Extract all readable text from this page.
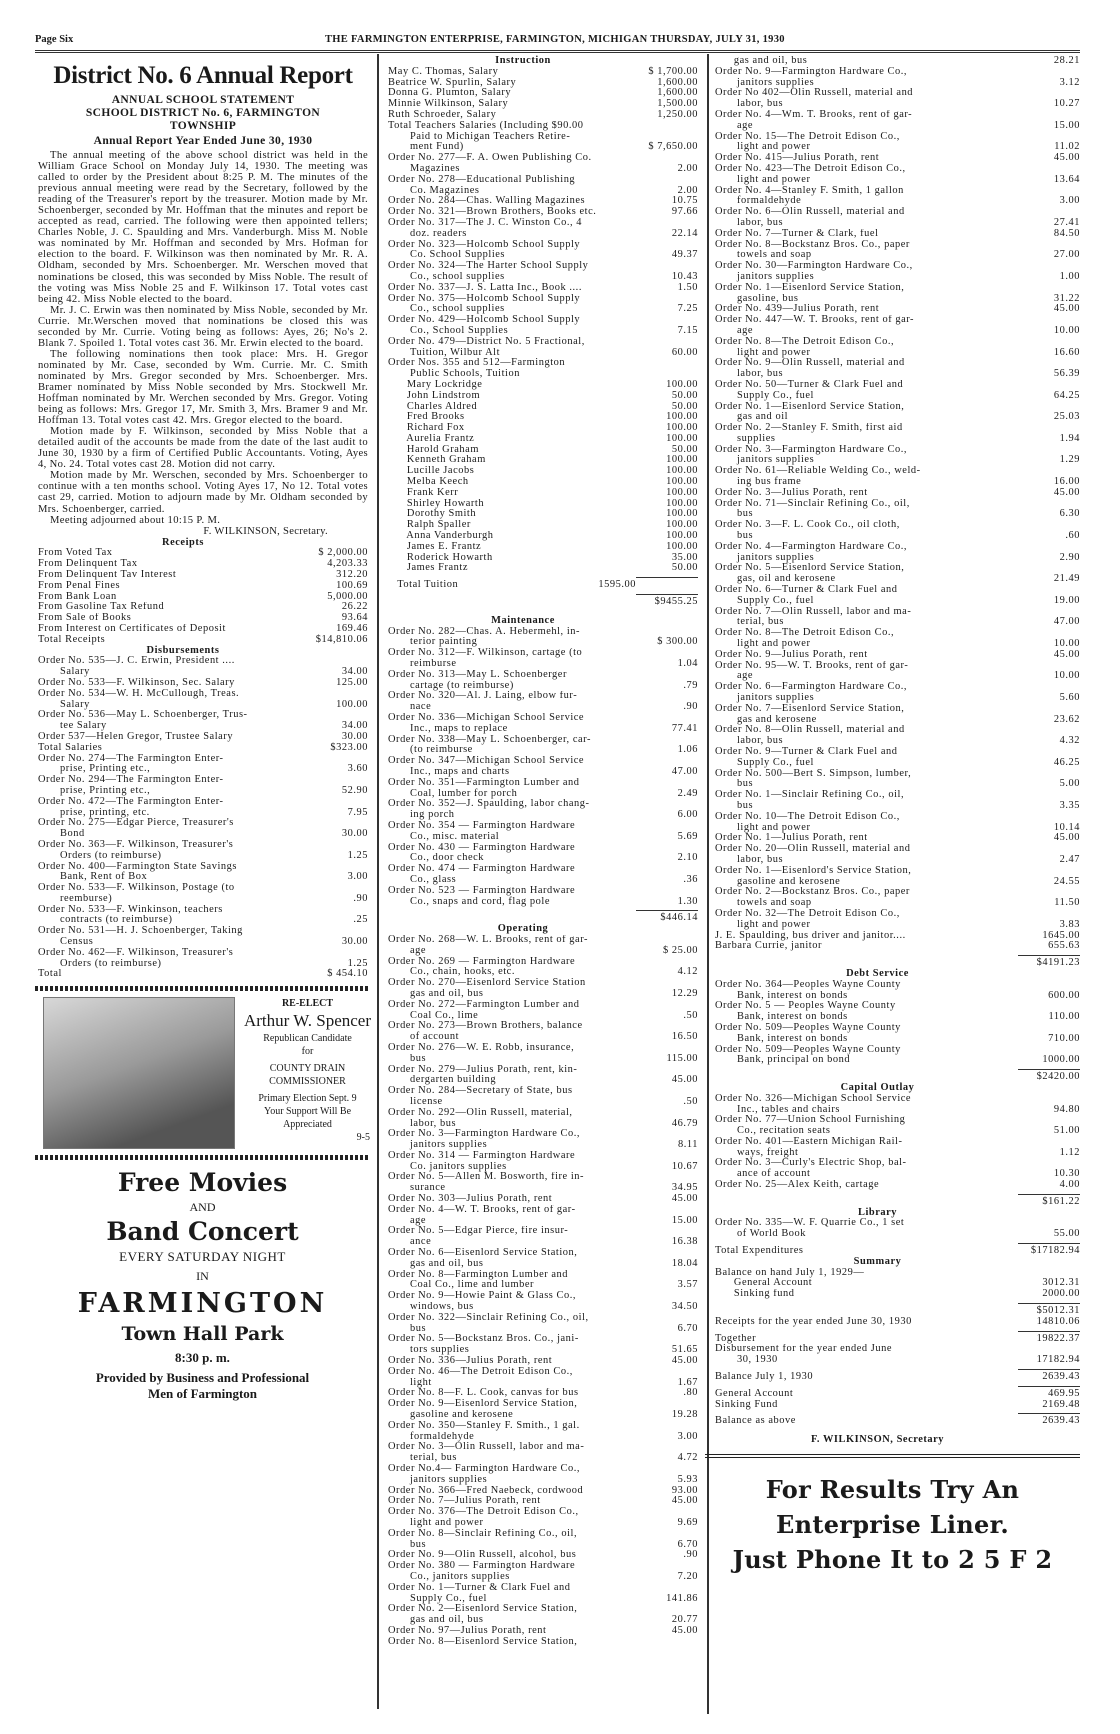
Page Six	THE FARMINGTON ENTERPRISE, FARMINGTON, MICHIGAN THURSDAY, JULY 31, 1930
District No. 6 Annual Report
ANNUAL SCHOOL STATEMENT
SCHOOL DISTRICT No. 6, FARMINGTON
TOWNSHIP
Annual Report Year Ended June 30, 1930
The annual meeting of the above school district was held in the William Grace School on Monday July 14, 1930. The meeting was called to order by the President about 8:25 P. M. The minutes of the previous annual meeting were read by the Secretary, followed by the reading of the Treasurer's report by the treasurer. Motion made by Mr. Schoenberger, seconded by Mr. Hoffman that the minutes and report be accepted as read, carried. The following were then appointed tellers; Charles Noble, J. C. Spaulding and Mrs. Vanderburgh. Miss M. Noble was nominated by Mr. Hoffman and seconded by Mrs. Hofman for election to the board. F. Wilkinson was then nominated by Mr. R. A. Oldham, seconded by Mrs. Schoenberger. Mr. Werschen moved that nominations be closed, this was seconded by Miss Noble. The result of the voting was Miss Noble 25 and F. Wilkinson 17. Total votes cast being 42. Miss Noble elected to the board.
Mr. J. C. Erwin was then nominated by Miss Noble, seconded by Mr. Currie. Mr.Werschen moved that nominations be closed this was seconded by Mr. Currie. Voting being as follows: Ayes, 26; No's 2. Blank 7. Spoiled 1. Total votes cast 36. Mr. Erwin elected to the board.
The following nominations then took place: Mrs. H. Gregor nominated by Mr. Case, seconded by Wm. Currie. Mr. C. Smith nominated by Mrs. Gregor seconded by Mrs. Schoenberger. Mrs. Bramer nominated by Miss Noble seconded by Mrs. Stockwell Mr. Hoffman nominated by Mr. Werchen seconded by Mrs. Gregor. Voting being as follows: Mrs. Gregor 17, Mr. Smith 3, Mrs. Bramer 9 and Mr. Hoffman 13. Total votes cast 42. Mrs. Gregor elected to the board.
Motion made by F. Wilkinson, seconded by Miss Noble that a detailed audit of the accounts be made from the date of the last audit to June 30, 1930 by a firm of Certified Public Accountants. Voting, Ayes 4, No. 24. Total votes cast 28. Motion did not carry.
Motion made by Mr. Werschen, seconded by Mrs. Schoenberger to continue with a ten months school. Voting Ayes 17, No 12. Total votes cast 29, carried. Motion to adjourn made by Mr. Oldham seconded by Mrs. Schoenberger, carried.
Meeting adjourned about 10:15 P. M.
F. WILKINSON, Secretary.
Receipts
From Voted Tax	$ 2,000.00
From Delinquent Tax	4,203.33
From Delinquent Tav Interest	312.20
From Penal Fines	100.69
From Bank Loan	5,000.00
From Gasoline Tax Refund	26.22
From Sale of Books	93.64
From Interest on Certificates of Deposit	169.46
Total Receipts	$14,810.06
Disbursements
Order No. 535—J. C. Erwin, President ....
Salary	34.00
Order No. 533—F. Wilkinson, Sec. Salary	125.00
Order No. 534—W. H. McCullough, Treas.
Salary	100.00
Order No. 536—May L. Schoenberger, Trus-
tee Salary	34.00
Order 537—Helen Gregor, Trustee Salary	30.00
Total Salaries	$323.00
Order No. 274—The Farmington Enter-
prise, Printing etc.,	3.60
Order No. 294—The Farmington Enter-
prise, Printing etc.,	52.90
Order No. 472—The Farmington Enter-
prise, printing, etc.	7.95
Order No. 275—Edgar Pierce, Treasurer's
Bond	30.00
Order No. 363—F. Wilkinson, Treasurer's
Orders (to reimburse)	1.25
Order No. 400—Farmington State Savings
Bank, Rent of Box	3.00
Order No. 533—F. Wilkinson, Postage (to
reemburse)	.90
Order No. 533—F. Winkinson, teachers
contracts (to reimburse)	.25
Order No. 531—H. J. Schoenberger, Taking
Census	30.00
Order No. 462—F. Wilkinson, Treasurer's
Orders (to reimburse)	1.25
Total	$ 454.10
RE-ELECT
Arthur W. Spencer
Republican Candidate
for
COUNTY DRAIN
COMMISSIONER
Primary Election Sept. 9
Your Support Will Be
Appreciated
9-5
Free Movies
AND
Band Concert
EVERY SATURDAY NIGHT
IN
FARMINGTON
Town Hall Park
8:30 p. m.
Provided by Business and Professional
Men of Farmington
Instruction
May C. Thomas, Salary	$ 1,700.00
Beatrice W. Spurlin, Salary	1,600.00
Donna G. Plumton, Salary	1,600.00
Minnie Wilkinson, Salary	1,500.00
Ruth Schroeder, Salary	1,250.00
Total Teachers Salaries (Including $90.00
Paid to Michigan Teachers Retire-
ment Fund)	$ 7,650.00
Order No. 277—F. A. Owen Publishing Co.
Magazines	2.00
Order No. 278—Educational Publishing
Co. Magazines	2.00
Order No. 284—Chas. Walling Magazines	10.75
Order No. 321—Brown Brothers, Books etc.	97.66
Order No. 317—The J. C. Winston Co., 4
doz. readers	22.14
Order No. 323—Holcomb School Supply
Co. School Supplies	49.37
Order No. 324—The Harter School Supply
Co., school supplies	10.43
Order No. 337—J. S. Latta Inc., Book ....	1.50
Order No. 375—Holcomb School Supply
Co., school supplies	7.25
Order No. 429—Holcomb School Supply
Co., School Supplies	7.15
Order No. 479—District No. 5 Fractional,
Tuition, Wilbur Alt	60.00
Order Nos. 355 and 512—Farmington
Public Schools, Tuition
Mary Lockridge	100.00
John Lindstrom	50.00
Charles Aldred	50.00
Fred Brooks	100.00
Richard Fox	100.00
Aurelia Frantz	100.00
Harold Graham	50.00
Kenneth Graham	100.00
Lucille Jacobs	100.00
Melba Keech	100.00
Frank Kerr	100.00
Shirley Howarth	100.00
Dorothy Smith	100.00
Ralph Spaller	100.00
Anna Vanderburgh	100.00
James E. Frantz	100.00
Roderick Howarth	35.00
James Frantz	50.00
Total Tuition	1595.00
$9455.25
Maintenance
Order No. 282—Chas. A. Hebermehl, in-
terior painting	$ 300.00
Order No. 312—F. Wilkinson, cartage (to
reimburse	1.04
Order No. 313—May L. Schoenberger
cartage (to reimburse)	.79
Order No. 320—Al. J. Laing, elbow fur-
nace	.90
Order No. 336—Michigan School Service
Inc., maps to replace	77.41
Order No. 338—May L. Schoenberger, car-
(to reimburse	1.06
Order No. 347—Michigan School Service
Inc., maps and charts	47.00
Order No. 351—Farmington Lumber and
Coal, lumber for porch	2.49
Order No. 352—J. Spaulding, labor chang-
ing porch	6.00
Order No. 354 — Farmington Hardware
Co., misc. material	5.69
Order No. 430 — Farmington Hardware
Co., door check	2.10
Order No. 474 — Farmington Hardware
Co., glass	.36
Order No. 523 — Farmington Hardware
Co., snaps and cord, flag pole	1.30
$446.14
Operating
Order No. 268—W. L. Brooks, rent of gar-
age	$ 25.00
Order No. 269 — Farmington Hardware
Co., chain, hooks, etc.	4.12
Order No. 270—Eisenlord Service Station
gas and oil, bus	12.29
Order No. 272—Farmington Lumber and
Coal Co., lime	.50
Order No. 273—Brown Brothers, balance
of account	16.50
Order No. 276—W. E. Robb, insurance,
bus	115.00
Order No. 279—Julius Porath, rent, kin-
dergarten building	45.00
Order No. 284—Secretary of State, bus
license	.50
Order No. 292—Olin Russell, material,
labor, bus	46.79
Order No. 3—Farmington Hardware Co.,
janitors supplies	8.11
Order No. 314 — Farmington Hardware
Co. janitors supplies	10.67
Order No. 5—Allen M. Bosworth, fire in-
surance	34.95
Order No. 303—Julius Porath, rent	45.00
Order No. 4—W. T. Brooks, rent of gar-
age	15.00
Order No. 5—Edgar Pierce, fire insur-
ance	16.38
Order No. 6—Eisenlord Service Station,
gas and oil, bus	18.04
Order No. 8—Farmington Lumber and
Coal Co., lime and lumber	3.57
Order No. 9—Howie Paint & Glass Co.,
windows, bus	34.50
Order No. 322—Sinclair Refining Co., oil,
bus	6.70
Order No. 5—Bockstanz Bros. Co., jani-
tors supplies	51.65
Order No. 336—Julius Porath, rent	45.00
Order No. 46—The Detroit Edison Co.,
light	1.67
Order No. 8—F. L. Cook, canvas for bus	.80
Order No. 9—Eisenlord Service Station,
gasoline and kerosene	19.28
Order No. 350—Stanley F. Smith., 1 gal.
formaldehyde	3.00
Order No. 3—Olin Russell, labor and ma-
terial, bus	4.72
Order No.4— Farmington Hardware Co.,
janitors supplies	5.93
Order No. 366—Fred Naebeck, cordwood	93.00
Order No. 7—Julius Porath, rent	45.00
Order No. 376—The Detroit Edison Co.,
light and power	9.69
Order No. 8—Sinclair Refining Co., oil,
bus	6.70
Order No. 9—Olin Russell, alcohol, bus	.90
Order No. 380 — Farmington Hardware
Co., janitors supplies	7.20
Order No. 1—Turner & Clark Fuel and
Supply Co., fuel	141.86
Order No. 2—Eisenlord Service Station,
gas and oil, bus	20.77
Order No. 97—Julius Porath, rent	45.00
Order No. 8—Eisenlord Service Station,
gas and oil, bus	28.21
Order No. 9—Farmington Hardware Co.,
janitors supplies	3.12
Order No 402—Olin Russell, material and
labor, bus	10.27
Order No. 4—Wm. T. Brooks, rent of gar-
age	15.00
Order No. 15—The Detroit Edison Co.,
light and power	11.02
Order No. 415—Julius Porath, rent	45.00
Order No. 423—The Detroit Edison Co.,
light and power	13.64
Order No. 4—Stanley F. Smith, 1 gallon
formaldehyde	3.00
Order No. 6—Olin Russell, material and
labor, bus	27.41
Order No. 7—Turner & Clark, fuel	84.50
Order No. 8—Bockstanz Bros. Co., paper
towels and soap	27.00
Order No. 30—Farmington Hardware Co.,
janitors supplies	1.00
Order No. 1—Eisenlord Service Station,
gasoline, bus	31.22
Order No. 439—Julius Porath, rent	45.00
Order No. 447—W. T. Brooks, rent of gar-
age	10.00
Order No. 8—The Detroit Edison Co.,
light and power	16.60
Order No. 9—Olin Russell, material and
labor, bus	56.39
Order No. 50—Turner & Clark Fuel and
Supply Co., fuel	64.25
Order No. 1—Eisenlord Service Station,
gas and oil	25.03
Order No. 2—Stanley F. Smith, first aid
supplies	1.94
Order No. 3—Farmington Hardware Co.,
janitors supplies	1.29
Order No. 61—Reliable Welding Co., weld-
ing bus frame	16.00
Order No. 3—Julius Porath, rent	45.00
Order No. 71—Sinclair Refining Co., oil,
bus	6.30
Order No. 3—F. L. Cook Co., oil cloth,
bus	.60
Order No. 4—Farmington Hardware Co.,
janitors supplies	2.90
Order No. 5—Eisenlord Service Station,
gas, oil and kerosene	21.49
Order No. 6—Turner & Clark Fuel and
Supply Co., fuel	19.00
Order No. 7—Olin Russell, labor and ma-
terial, bus	47.00
Order No. 8—The Detroit Edison Co.,
light and power	10.00
Order No. 9—Julius Porath, rent	45.00
Order No. 95—W. T. Brooks, rent of gar-
age	10.00
Order No. 6—Farmington Hardware Co.,
janitors supplies	5.60
Order No. 7—Eisenlord Service Station,
gas and kerosene	23.62
Order No. 8—Olin Russell, material and
labor, bus	4.32
Order No. 9—Turner & Clark Fuel and
Supply Co., fuel	46.25
Order No. 500—Bert S. Simpson, lumber,
bus	5.00
Order No. 1—Sinclair Refining Co., oil,
bus	3.35
Order No. 10—The Detroit Edison Co.,
light and power	10.14
Order No. 1—Julius Porath, rent	45.00
Order No. 20—Olin Russell, material and
labor, bus	2.47
Order No. 1—Eisenlord's Service Station,
gasoline and kerosene	24.55
Order No. 2—Bockstanz Bros. Co., paper
towels and soap	11.50
Order No. 32—The Detroit Edison Co.,
light and power	3.83
J. E. Spaulding, bus driver and janitor....	1645.00
Barbara Currie, janitor	655.63
$4191.23
Debt Service
Order No. 364—Peoples Wayne County
Bank, interest on bonds	600.00
Order No. 5 — Peoples Wayne County
Bank, interest on bonds	110.00
Order No. 509—Peoples Wayne County
Bank, interest on bonds	710.00
Order No. 509—Peoples Wayne County
Bank, principal on bond	1000.00
$2420.00
Capital Outlay
Order No. 326—Michigan School Service
Inc., tables and chairs	94.80
Order No. 77—Union School Furnishing
Co., recitation seats	51.00
Order No. 401—Eastern Michigan Rail-
ways, freight	1.12
Order No. 3—Curly's Electric Shop, bal-
ance of account	10.30
Order No. 25—Alex Keith, cartage	4.00
$161.22
Library
Order No. 335—W. F. Quarrie Co., 1 set
of World Book	55.00
Total Expenditures	$17182.94
Summary
Balance on hand July 1, 1929—
General Account	3012.31
Sinking fund	2000.00
$5012.31
Receipts for the year ended June 30, 1930	14810.06
Together	19822.37
Disbursement for the year ended June
30, 1930	17182.94
Balance July 1, 1930	2639.43
General Account	469.95
Sinking Fund	2169.48
Balance as above	2639.43
F. WILKINSON, Secretary
For Results Try An
Enterprise Liner.
Just Phone It to 2 5 F 2
